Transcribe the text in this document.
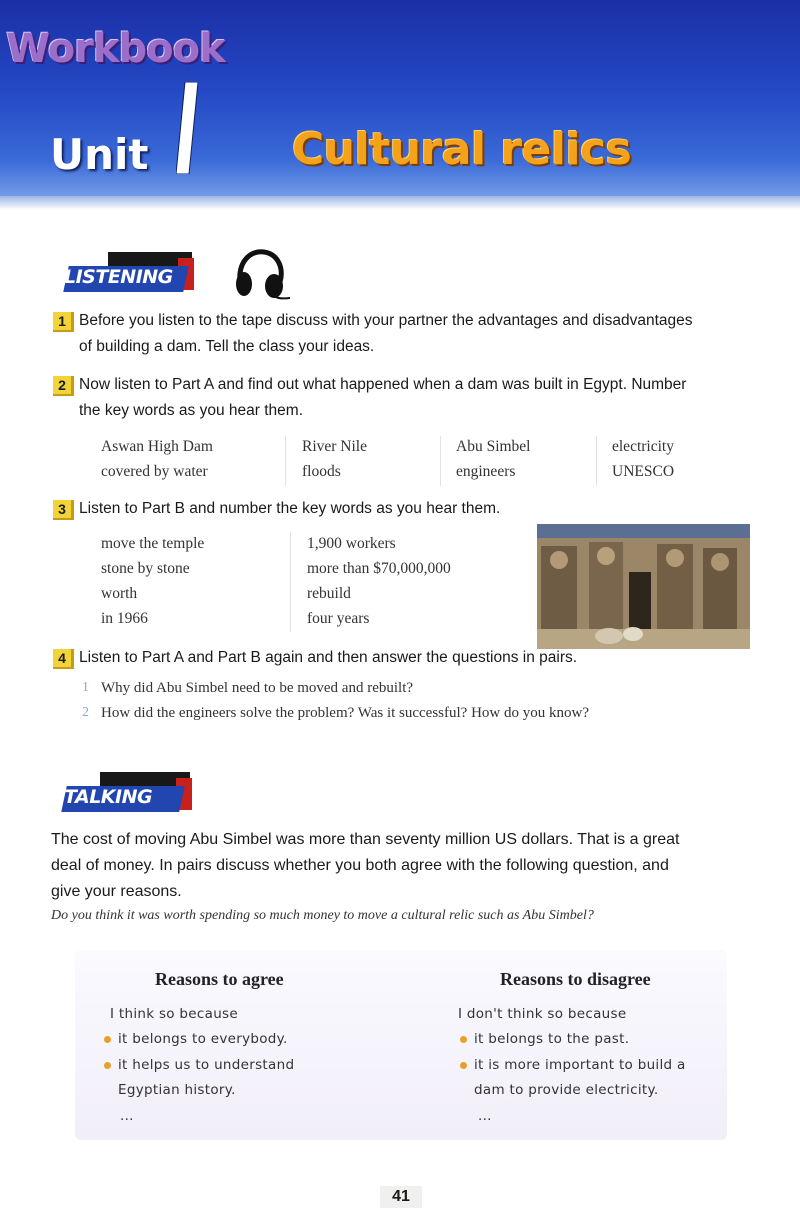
Workbook
Unit	Cultural relics
LISTENING
1 Before you listen to the tape discuss with your partner the advantages and disadvantages
of building a dam. Tell the class your ideas.
2 Now listen to Part A and find out what happened when a dam was built in Egypt. Number
the key words as you hear them.
Aswan High Dam	River Nile	Abu Simbel	electricity
covered by water	floods	engineers	UNESCO
3 Listen to Part B and number the key words as you hear them.
move the temple	1,900 workers
stone by stone	more than $70,000,000
worth	rebuild
in 1966	four years
4 Listen to Part A and Part B again and then answer the questions in pairs.
1 Why did Abu Simbel need to be moved and rebuilt?
2 How did the engineers solve the problem? Was it successful? How do you know?
TALKING
The cost of moving Abu Simbel was more than seventy million US dollars. That is a great
deal of money. In pairs discuss whether you both agree with the following question, and
give your reasons.
Do you think it was worth spending so much money to move a cultural relic such as Abu Simbel?
Reasons to agree
I think so because
it belongs to everybody.
it helps us to understand
Egyptian history.
...
Reasons to disagree
I don't think so because
it belongs to the past.
it is more important to build a
dam to provide electricity.
...
41
